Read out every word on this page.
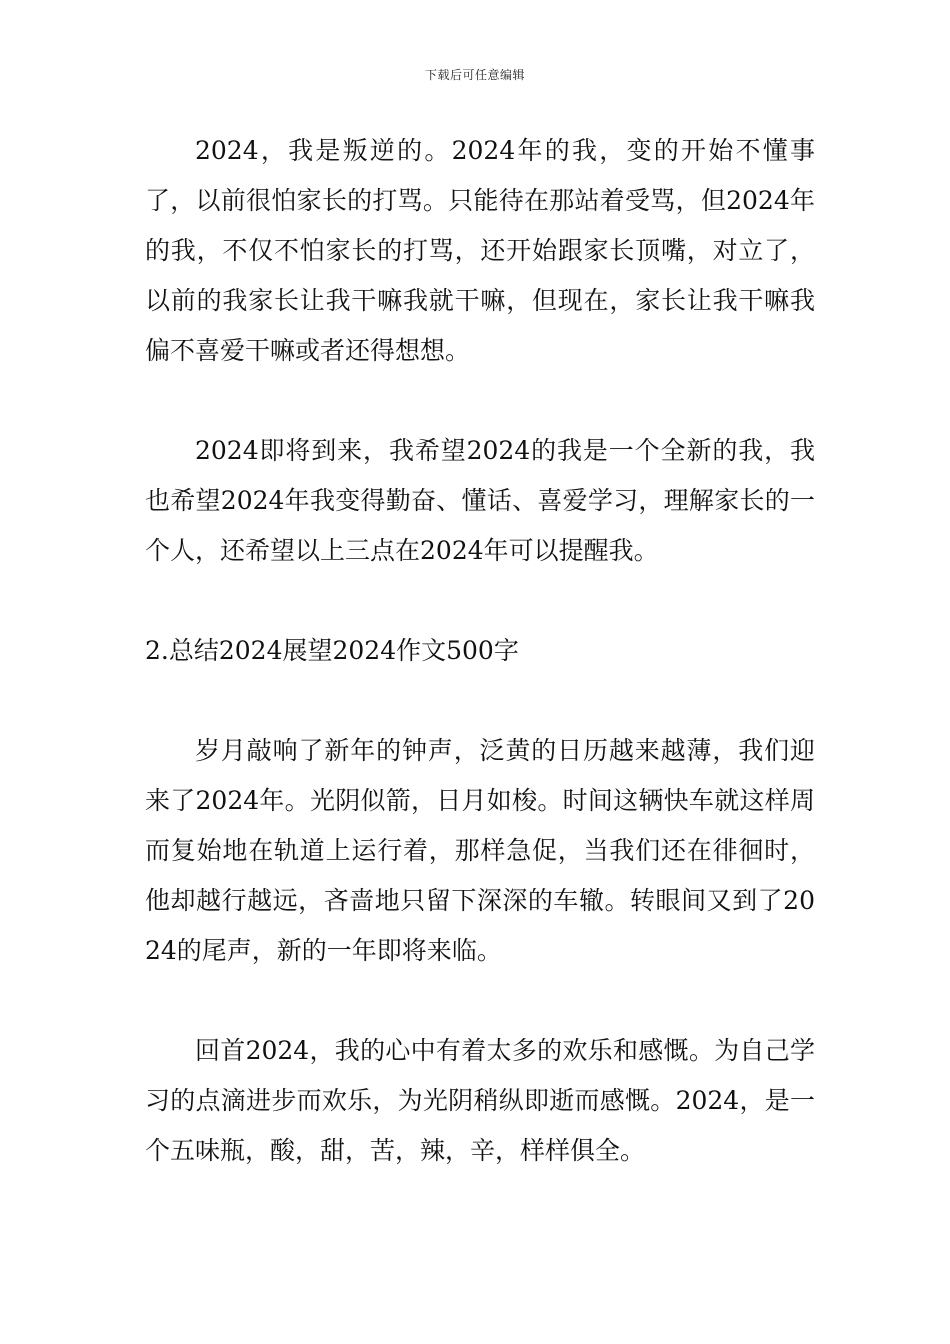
下载后可任意编辑

2024，我是叛逆的。2024年的我，变的开始不懂事了，以前很怕家长的打骂。只能待在那站着受骂，但2024年的我，不仅不怕家长的打骂，还开始跟家长顶嘴，对立了，以前的我家长让我干嘛我就干嘛，但现在，家长让我干嘛我偏不喜爱干嘛或者还得想想。

2024即将到来，我希望2024的我是一个全新的我，我也希望2024年我变得勤奋、懂话、喜爱学习，理解家长的一个人，还希望以上三点在2024年可以提醒我。

2.总结2024展望2024作文500字

岁月敲响了新年的钟声，泛黄的日历越来越薄，我们迎来了2024年。光阴似箭，日月如梭。时间这辆快车就这样周而复始地在轨道上运行着，那样急促，当我们还在徘徊时，他却越行越远，吝啬地只留下深深的车辙。转眼间又到了2024的尾声，新的一年即将来临。

回首2024，我的心中有着太多的欢乐和感慨。为自己学习的点滴进步而欢乐，为光阴稍纵即逝而感慨。2024，是一个五味瓶，酸，甜，苦，辣，辛，样样俱全。
